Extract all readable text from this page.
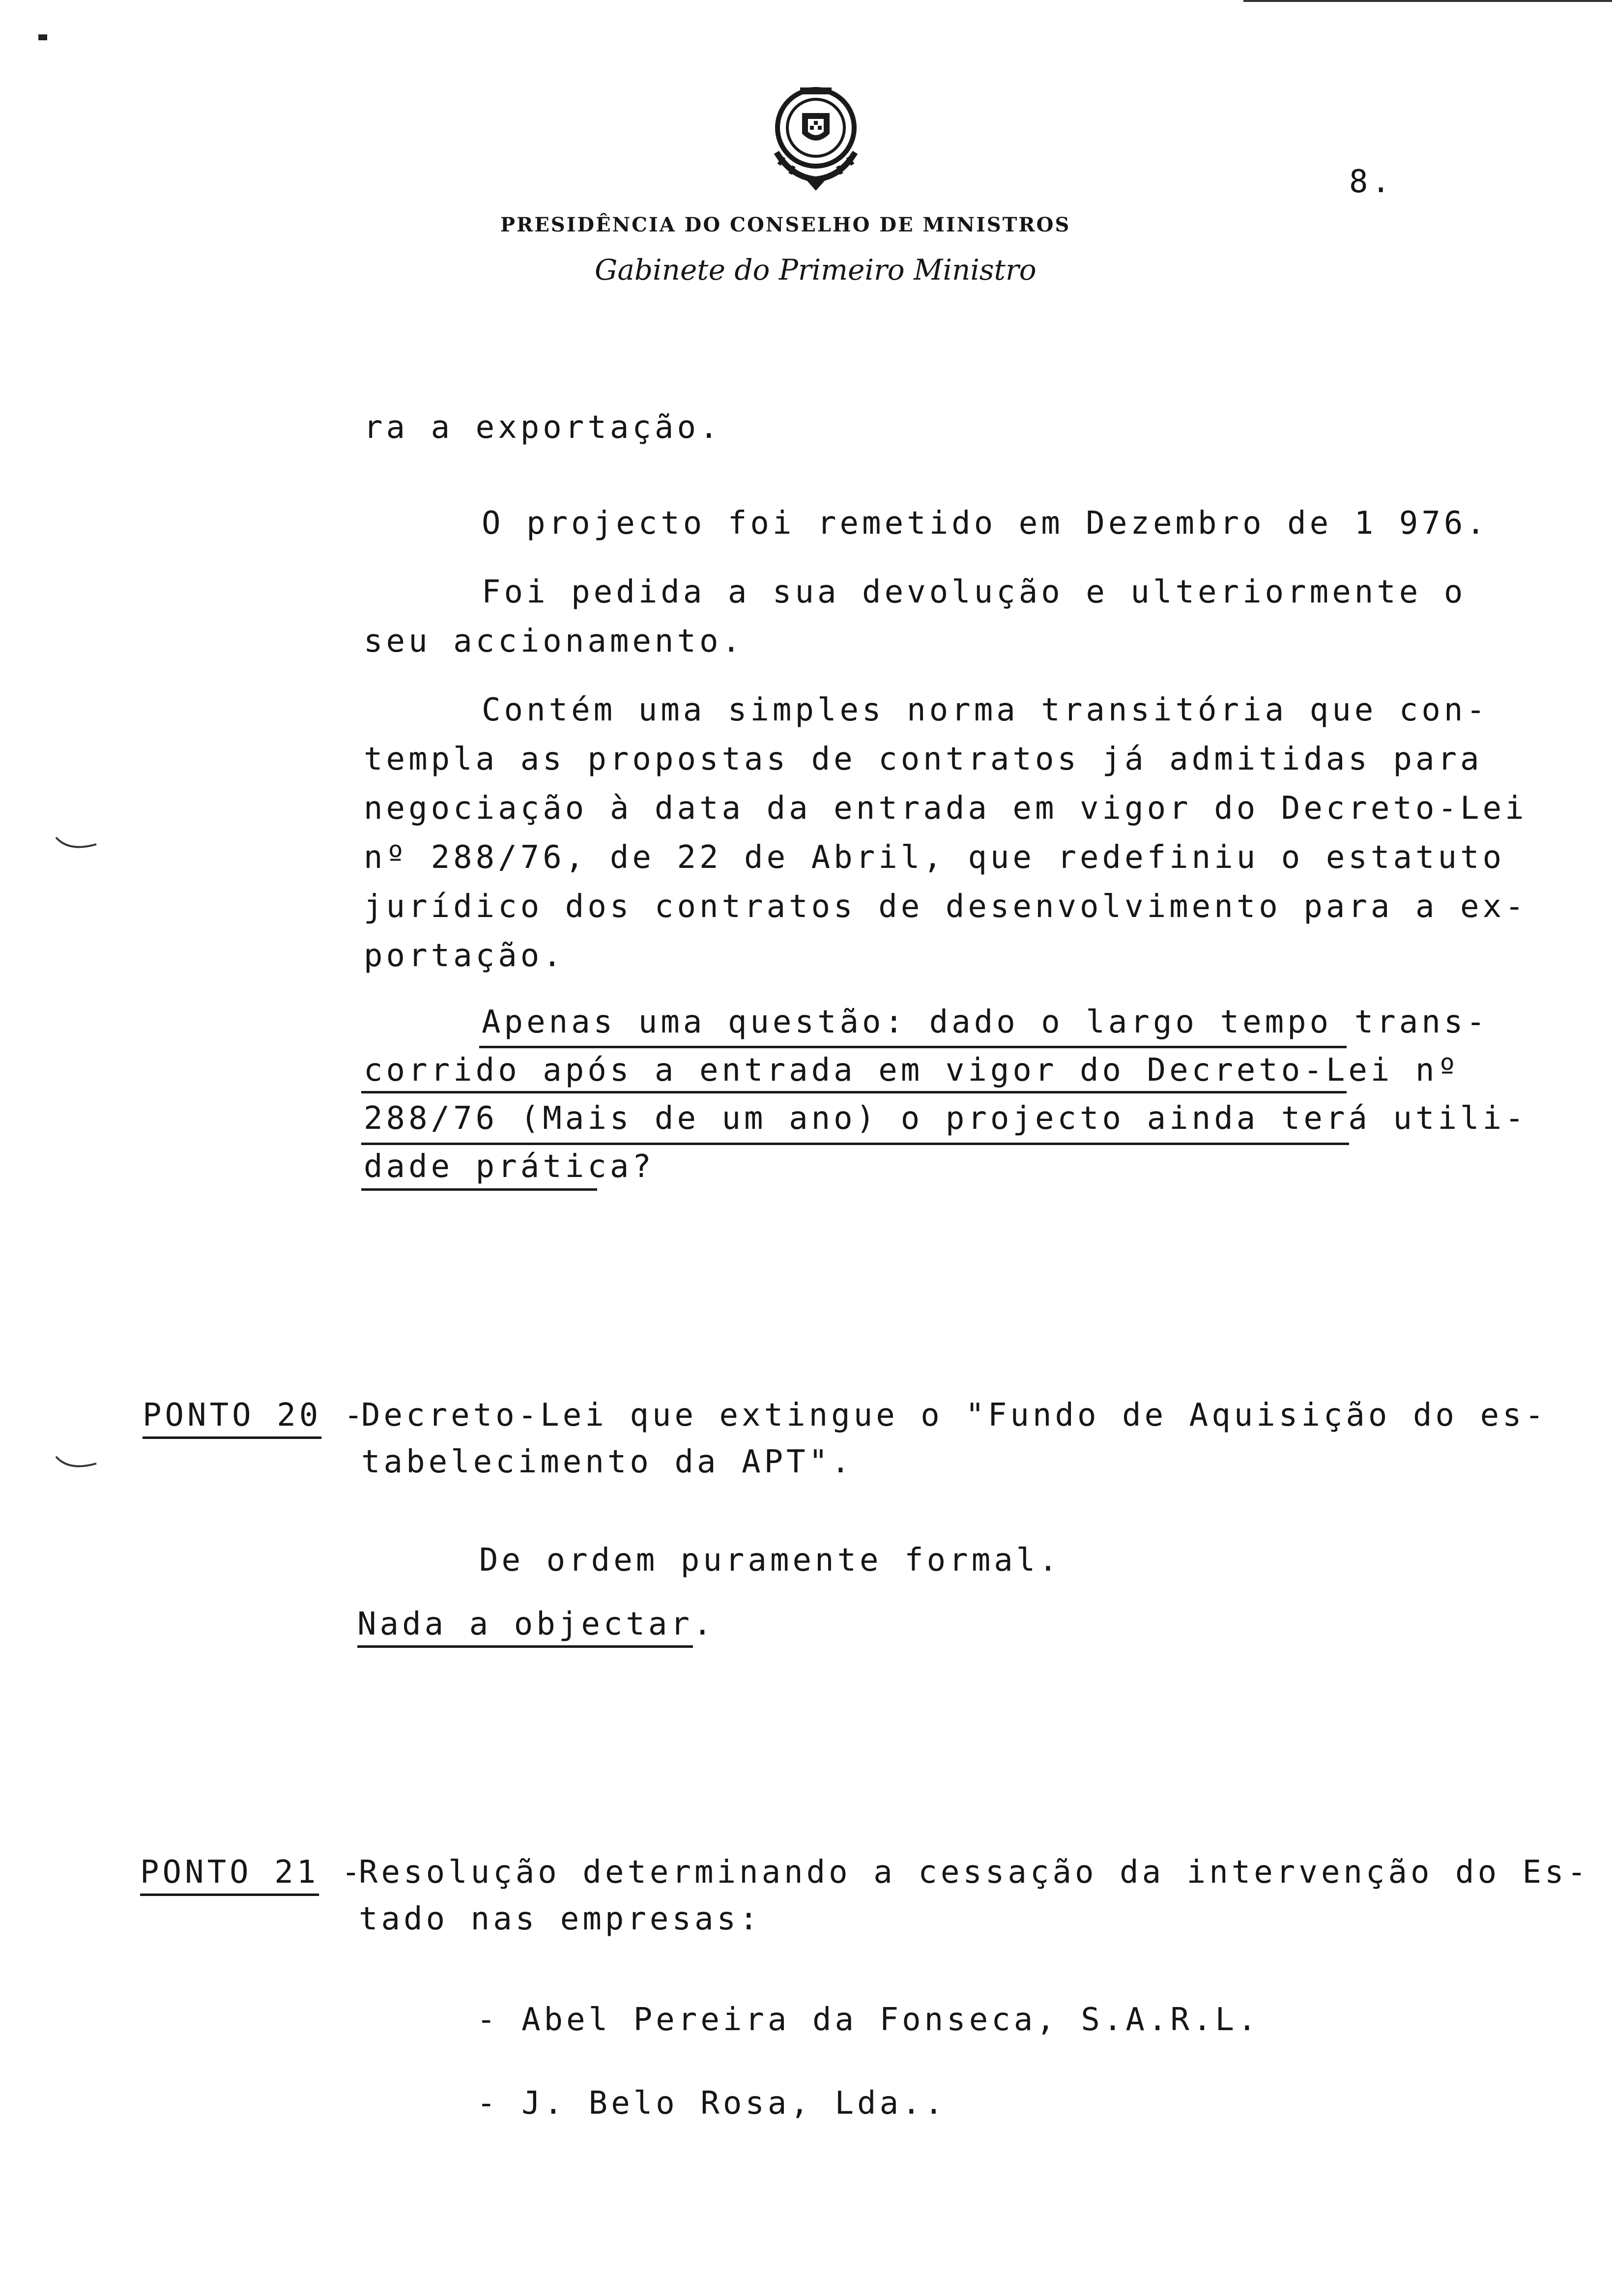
8.
PRESIDÊNCIA DO CONSELHO DE MINISTROS
Gabinete do Primeiro Ministro
ra a exportação.
O projecto foi remetido em Dezembro de 1 976.
Foi pedida a sua devolução e ulteriormente o
seu accionamento.
Contém uma simples norma transitória que con-
templa as propostas de contratos já admitidas para
negociação à data da entrada em vigor do Decreto-Lei
nº 288/76, de 22 de Abril, que redefiniu o estatuto
jurídico dos contratos de desenvolvimento para a ex-
portação.
Apenas uma questão: dado o largo tempo trans-
corrido após a entrada em vigor do Decreto-Lei nº
288/76 (Mais de um ano) o projecto ainda terá utili-
dade prática?
PONTO 20 -
Decreto-Lei que extingue o "Fundo de Aquisição do es-
tabelecimento da APT".
De ordem puramente formal.
Nada a objectar.
PONTO 21 -
Resolução determinando a cessação da intervenção do Es-
tado nas empresas:
- Abel Pereira da Fonseca, S.A.R.L.
- J. Belo Rosa, Lda..
